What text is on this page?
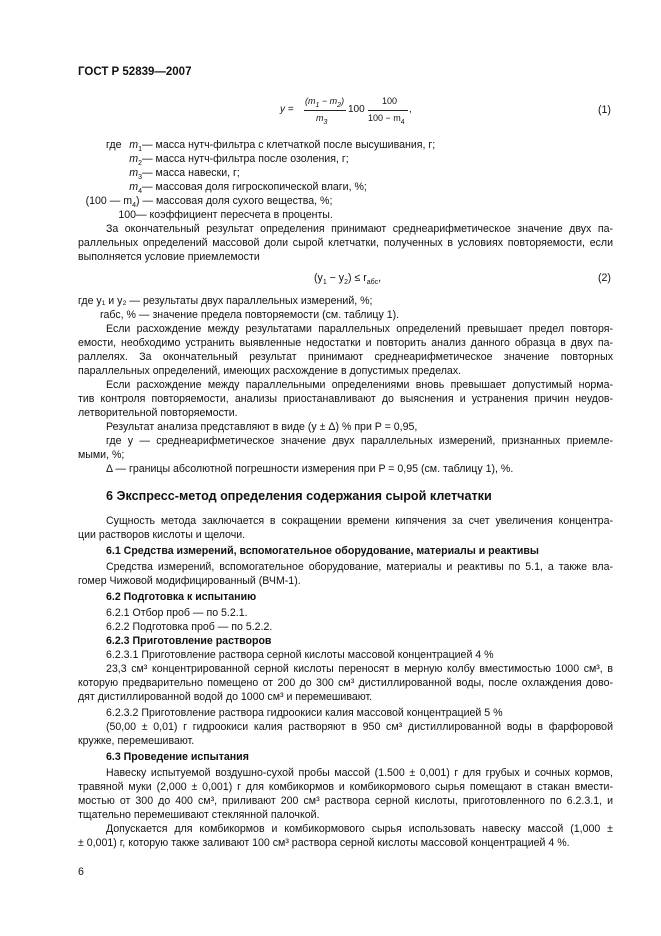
ГОСТ Р 52839—2007
y =
$(m_1 - m_2)$
$m_3$
100
100
$100 - m_4$
,	(1)
где $m_1$ — масса нутч-фильтра с клетчаткой после высушивания, г;
$m_2$ — масса нутч-фильтра после озоления, г;
$m_3$ — масса навески, г;
$m_4$ — массовая доля гигроскопической влаги, %;
(100 — $m_4$ ) — массовая доля сухого вещества, %;
100 — коэффициент пересчета в проценты.
За окончательный результат определения принимают среднеарифметическое значение двух па-
раллельных определений массовой доли сырой клетчатки, полученных в условиях повторяемости, если
выполняется условие приемлемости
$(y_1 - y_2) \le r_{абс}$,	(2)
где y₁ и y₂ — результаты двух параллельных измерений, %;
rабс, % — значение предела повторяемости (см. таблицу 1).
Если расхождение между результатами параллельных определений превышает предел повторя-
емости, необходимо устранить выявленные недостатки и повторить анализ данного образца в двух па-
раллелях. За окончательный результат принимают среднеарифметическое значение повторных
параллельных определений, имеющих расхождение в допустимых пределах.
Если расхождение между параллельными определениями вновь превышает допустимый норма-
тив контроля повторяемости, анализы приостанавливают до выяснения и устранения причин неудов-
летворительной повторяемости.
Результат анализа представляют в виде (y ± Δ) % при P = 0,95,
где y — среднеарифметическое значение двух параллельных измерений, признанных приемле-
мыми, %;
Δ — границы абсолютной погрешности измерения при P = 0,95 (см. таблицу 1), %.
6 Экспресс-метод определения содержания сырой клетчатки
Сущность метода заключается в сокращении времени кипячения за счет увеличения концентра-
ции растворов кислоты и щелочи.
6.1 Средства измерений, вспомогательное оборудование, материалы и реактивы
Средства измерений, вспомогательное оборудование, материалы и реактивы по 5.1, а также вла-
гомер Чижовой модифицированный (ВЧМ-1).
6.2 Подготовка к испытанию
6.2.1 Отбор проб — по 5.2.1.
6.2.2 Подготовка проб — по 5.2.2.
6.2.3 Приготовление растворов
6.2.3.1 Приготовление раствора серной кислоты массовой концентрацией 4 %
23,3 см³ концентрированной серной кислоты переносят в мерную колбу вместимостью 1000 см³, в
которую предварительно помещено от 200 до 300 см³ дистиллированной воды, после охлаждения дово-
дят дистиллированной водой до 1000 см³ и перемешивают.
6.2.3.2 Приготовление раствора гидроокиси калия массовой концентрацией 5 %
(50,00 ± 0,01) г гидроокиси калия растворяют в 950 см³ дистиллированной воды в фарфоровой
кружке, перемешивают.
6.3 Проведение испытания
Навеску испытуемой воздушно-сухой пробы массой (1.500 ± 0,001) г для грубых и сочных кормов,
травяной муки (2,000 ± 0,001) г для комбикормов и комбикормового сырья помещают в стакан вмести-
мостью от 300 до 400 см³, приливают 200 см³ раствора серной кислоты, приготовленного по 6.2.3.1, и
тщательно перемешивают стеклянной палочкой.
Допускается для комбикормов и комбикормового сырья использовать навеску массой (1,000 ±
± 0,001) г, которую также заливают 100 см³ раствора серной кислоты массовой концентрацией 4 %.
6
